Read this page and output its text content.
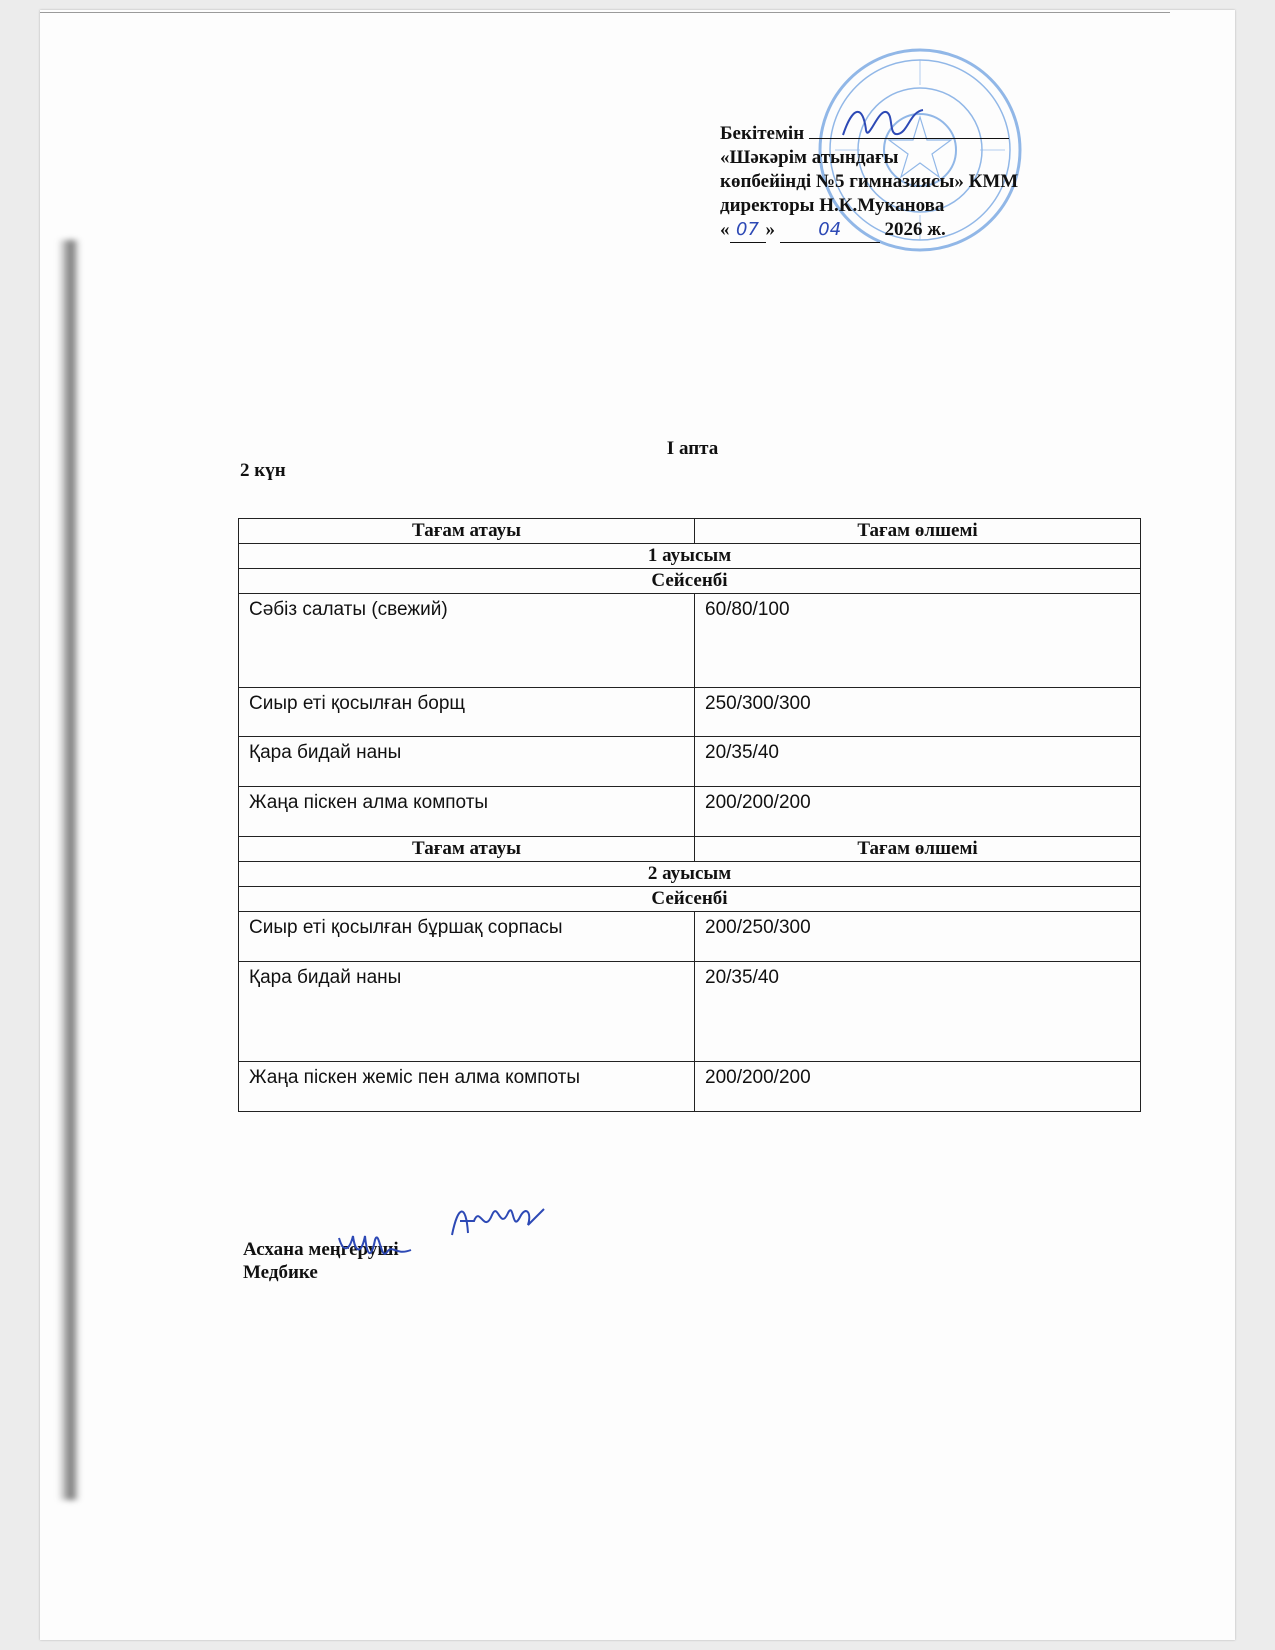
Бекітемін
«Шәкәрім атындағы
көпбейінді №5 гимназиясы» КММ
директоры Н.К.Муканова
« 07 » 04 2026 ж.
І апта
2 күн
Тағам атауы	Тағам өлшемі
1 ауысым	
Сейсенбі	
Сәбіз салаты (свежий)	60/80/100
Сиыр еті қосылған борщ	250/300/300
Қара бидай наны	20/35/40
Жаңа піскен алма компоты	200/200/200
Тағам атауы	Тағам өлшемі
2 ауысым	
Сейсенбі	
Сиыр еті қосылған бұршақ сорпасы	200/250/300
Қара бидай наны	20/35/40
Жаңа піскен жеміс пен алма компоты	200/200/200
Асхана меңгеруші
Медбике
